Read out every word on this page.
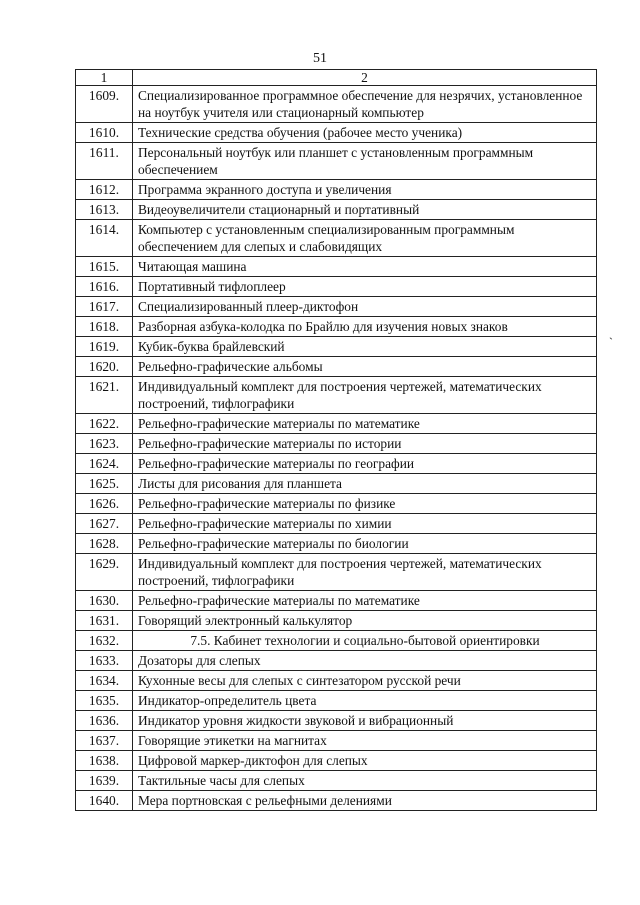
51
1	2
1609.	Специализированное программное обеспечение для незрячих, установленное на ноутбук учителя или стационарный компьютер
1610.	Технические средства обучения (рабочее место ученика)
1611.	Персональный ноутбук или планшет с установленным программным обеспечением
1612.	Программа экранного доступа и увеличения
1613.	Видеоувеличители стационарный и портативный
1614.	Компьютер с установленным специализированным программным обеспечением для слепых и слабовидящих
1615.	Читающая машина
1616.	Портативный тифлоплеер
1617.	Специализированный плеер-диктофон
1618.	Разборная азбука-колодка по Брайлю для изучения новых знаков
1619.	Кубик-буква брайлевский
1620.	Рельефно-графические альбомы
1621.	Индивидуальный комплект для построения чертежей, математических построений, тифлографики
1622.	Рельефно-графические материалы по математике
1623.	Рельефно-графические материалы по истории
1624.	Рельефно-графические материалы по географии
1625.	Листы для рисования для планшета
1626.	Рельефно-графические материалы по физике
1627.	Рельефно-графические материалы по химии
1628.	Рельефно-графические материалы по биологии
1629.	Индивидуальный комплект для построения чертежей, математических построений, тифлографики
1630.	Рельефно-графические материалы по математике
1631.	Говорящий электронный калькулятор
1632.	7.5. Кабинет технологии и социально-бытовой ориентировки
1633.	Дозаторы для слепых
1634.	Кухонные весы для слепых с синтезатором русской речи
1635.	Индикатор-определитель цвета
1636.	Индикатор уровня жидкости звуковой и вибрационный
1637.	Говорящие этикетки на магнитах
1638.	Цифровой маркер-диктофон для слепых
1639.	Тактильные часы для слепых
1640.	Мера портновская с рельефными делениями
`
